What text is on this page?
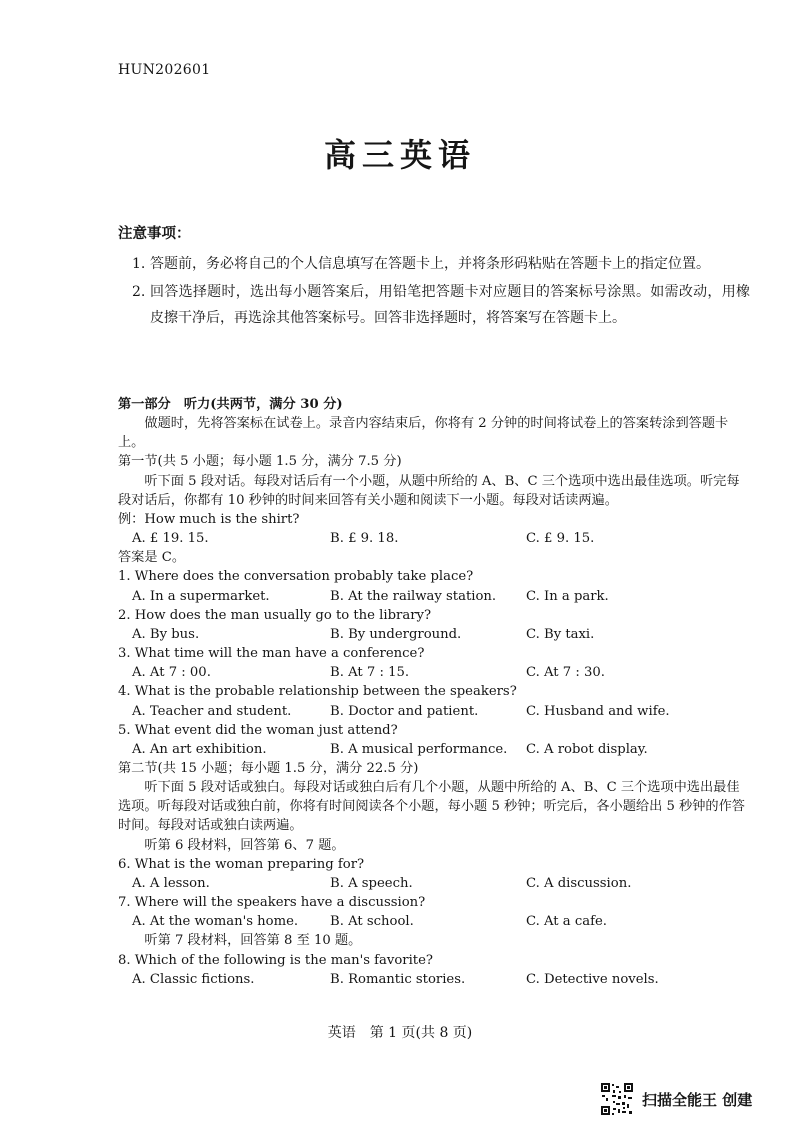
HUN202601
高三英语
注意事项：
1. 答题前，务必将自己的个人信息填写在答题卡上，并将条形码粘贴在答题卡上的指定位置。
2. 回答选择题时，选出每小题答案后，用铅笔把答题卡对应题目的答案标号涂黑。如需改动，用橡皮擦干净后，再选涂其他答案标号。回答非选择题时，将答案写在答题卡上。

第一部分　听力(共两节，满分 30 分)

做题时，先将答案标在试卷上。录音内容结束后，你将有 2 分钟的时间将试卷上的答案转涂到答题卡上。

第一节(共 5 小题；每小题 1.5 分，满分 7.5 分)

听下面 5 段对话。每段对话后有一个小题，从题中所给的 A、B、C 三个选项中选出最佳选项。听完每段对话后，你都有 10 秒钟的时间来回答有关小题和阅读下一小题。每段对话读两遍。

例：How much is the shirt?

A. £ 19. 15.	B. £ 9. 18.	C. £ 9. 15.

答案是 C。

1. Where does the conversation probably take place?

A. In a supermarket.	B. At the railway station.	C. In a park.

2. How does the man usually go to the library?

A. By bus.	B. By underground.	C. By taxi.

3. What time will the man have a conference?

A. At 7 : 00.	B. At 7 : 15.	C. At 7 : 30.

4. What is the probable relationship between the speakers?

A. Teacher and student.	B. Doctor and patient.	C. Husband and wife.

5. What event did the woman just attend?

A. An art exhibition.	B. A musical performance.	C. A robot display.

第二节(共 15 小题；每小题 1.5 分，满分 22.5 分)

听下面 5 段对话或独白。每段对话或独白后有几个小题，从题中所给的 A、B、C 三个选项中选出最佳选项。听每段对话或独白前，你将有时间阅读各个小题，每小题 5 秒钟；听完后，各小题给出 5 秒钟的作答时间。每段对话或独白读两遍。

听第 6 段材料，回答第 6、7 题。

6. What is the woman preparing for?

A. A lesson.	B. A speech.	C. A discussion.

7. Where will the speakers have a discussion?

A. At the woman's home.	B. At school.	C. At a cafe.

听第 7 段材料，回答第 8 至 10 题。

8. Which of the following is the man's favorite?

A. Classic fictions.	B. Romantic stories.	C. Detective novels.
英语　第 1 页(共 8 页)
扫描全能王 创建
